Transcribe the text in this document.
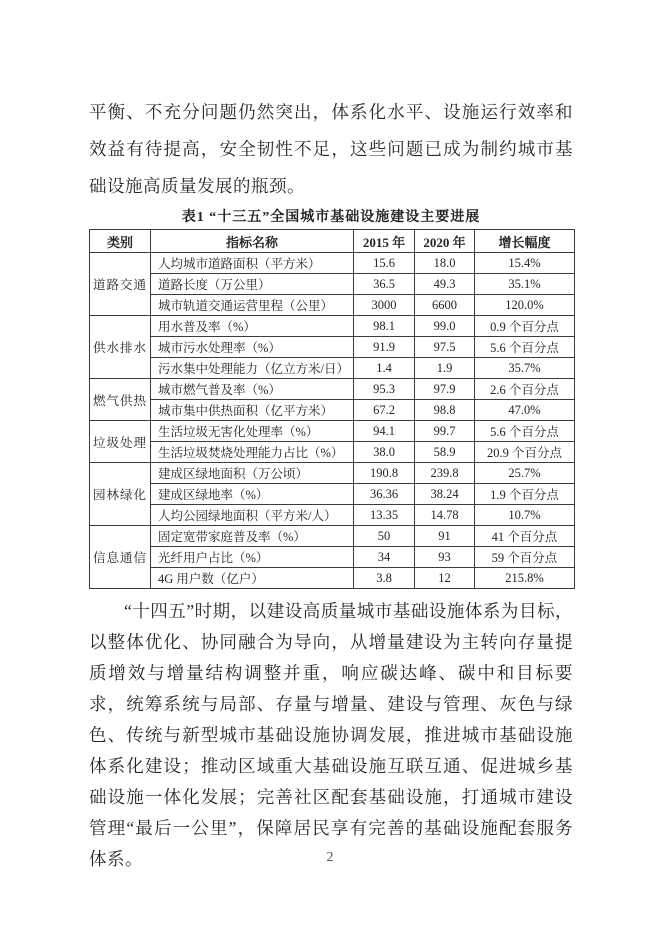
平衡、不充分问题仍然突出，体系化水平、设施运行效率和效益有待提高，安全韧性不足，这些问题已成为制约城市基础设施高质量发展的瓶颈。

表1 “十三五”全国城市基础设施建设主要进展
类别	指标名称	2015 年	2020 年	增长幅度
道路交通	人均城市道路面积（平方米）	15.6	18.0	15.4%
	道路长度（万公里）	36.5	49.3	35.1%
	城市轨道交通运营里程（公里）	3000	6600	120.0%
供水排水	用水普及率（%）	98.1	99.0	0.9 个百分点
	城市污水处理率（%）	91.9	97.5	5.6 个百分点
	污水集中处理能力（亿立方米/日）	1.4	1.9	35.7%
燃气供热	城市燃气普及率（%）	95.3	97.9	2.6 个百分点
	城市集中供热面积（亿平方米）	67.2	98.8	47.0%
垃圾处理	生活垃圾无害化处理率（%）	94.1	99.7	5.6 个百分点
	生活垃圾焚烧处理能力占比（%）	38.0	58.9	20.9 个百分点
园林绿化	建成区绿地面积（万公顷）	190.8	239.8	25.7%
	建成区绿地率（%）	36.36	38.24	1.9 个百分点
	人均公园绿地面积（平方米/人）	13.35	14.78	10.7%
信息通信	固定宽带家庭普及率（%）	50	91	41 个百分点
	光纤用户占比（%）	34	93	59 个百分点
	4G 用户数（亿户）	3.8	12	215.8%

“十四五”时期，以建设高质量城市基础设施体系为目标，以整体优化、协同融合为导向，从增量建设为主转向存量提质增效与增量结构调整并重，响应碳达峰、碳中和目标要求，统筹系统与局部、存量与增量、建设与管理、灰色与绿色、传统与新型城市基础设施协调发展，推进城市基础设施体系化建设；推动区域重大基础设施互联互通、促进城乡基础设施一体化发展；完善社区配套基础设施，打通城市建设管理“最后一公里”，保障居民享有完善的基础设施配套服务体系。	2
